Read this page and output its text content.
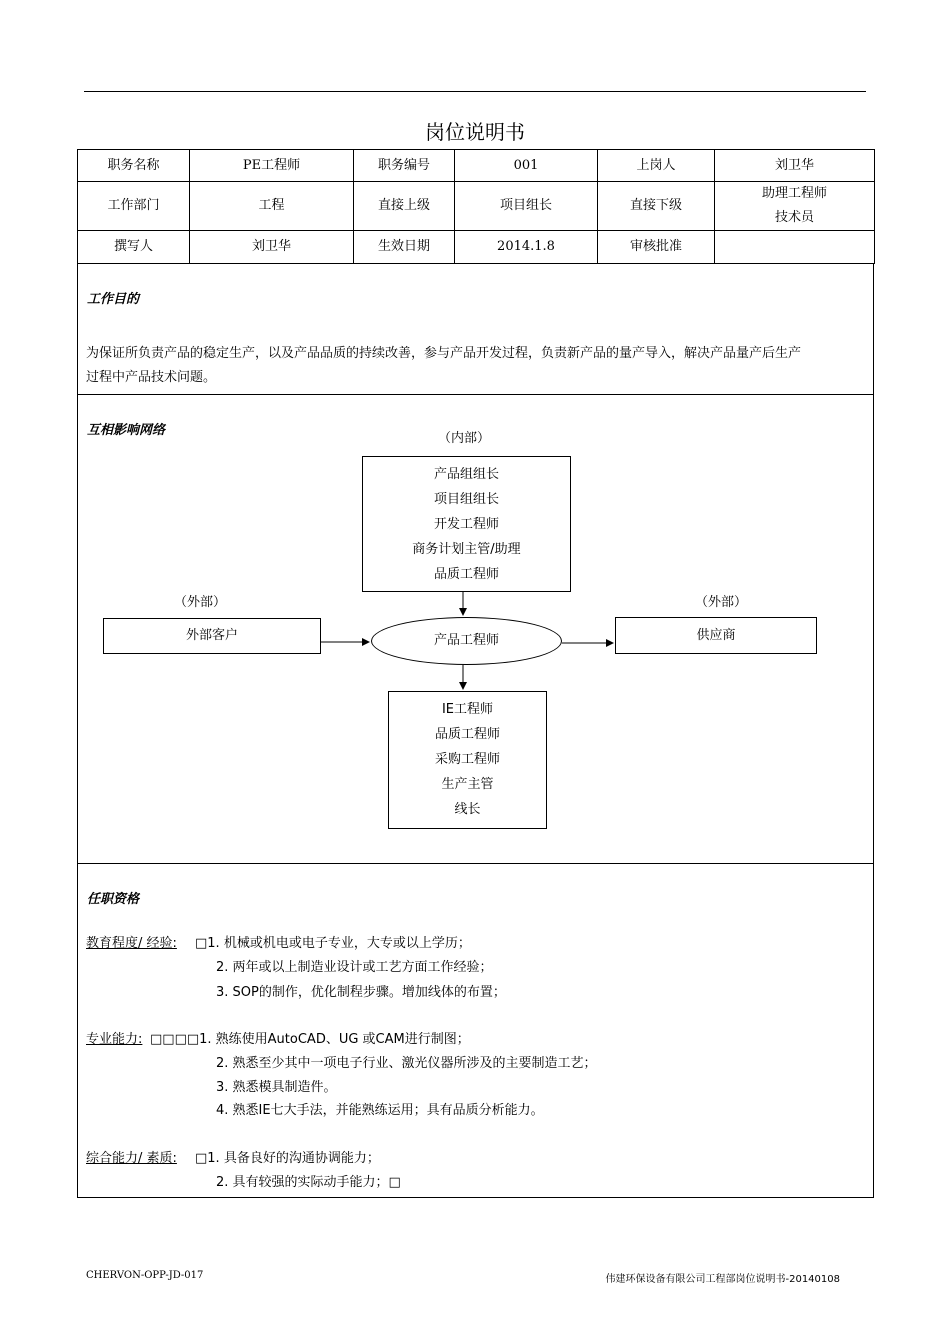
岗位说明书
职务名称	PE工程师	职务编号	001	上岗人	刘卫华
工作部门	工程	直接上级	项目组长	直接下级	助理工程师
技术员

撰写人	刘卫华	生效日期	2014.1.8	审核批准	
工作目的
为保证所负责产品的稳定生产，以及产品品质的持续改善，参与产品开发过程，负责新产品的量产导入，解决产品量产后生产
过程中产品技术问题。
互相影响网络
（内部）
产品组组长
项目组组长
开发工程师
商务计划主管/助理
品质工程师
（外部）
外部客户	产品工程师
（外部）
供应商
IE工程师
品质工程师
采购工程师
生产主管
线长
任职资格
教育程度/ 经验: □1. 机械或机电或电子专业，大专或以上学历；
2. 两年或以上制造业设计或工艺方面工作经验；
3. SOP的制作，优化制程步骤。增加线体的布置；
专业能力: □□□□1. 熟练使用AutoCAD、UG 或CAM进行制图；
2. 熟悉至少其中一项电子行业、激光仪器所涉及的主要制造工艺；
3. 熟悉模具制造件。
4. 熟悉IE七大手法，并能熟练运用；具有品质分析能力。
综合能力/ 素质: □1. 具备良好的沟通协调能力；
2. 具有较强的实际动手能力；□
CHERVON-OPP-JD-017	伟建环保设备有限公司工程部岗位说明书-20140108
